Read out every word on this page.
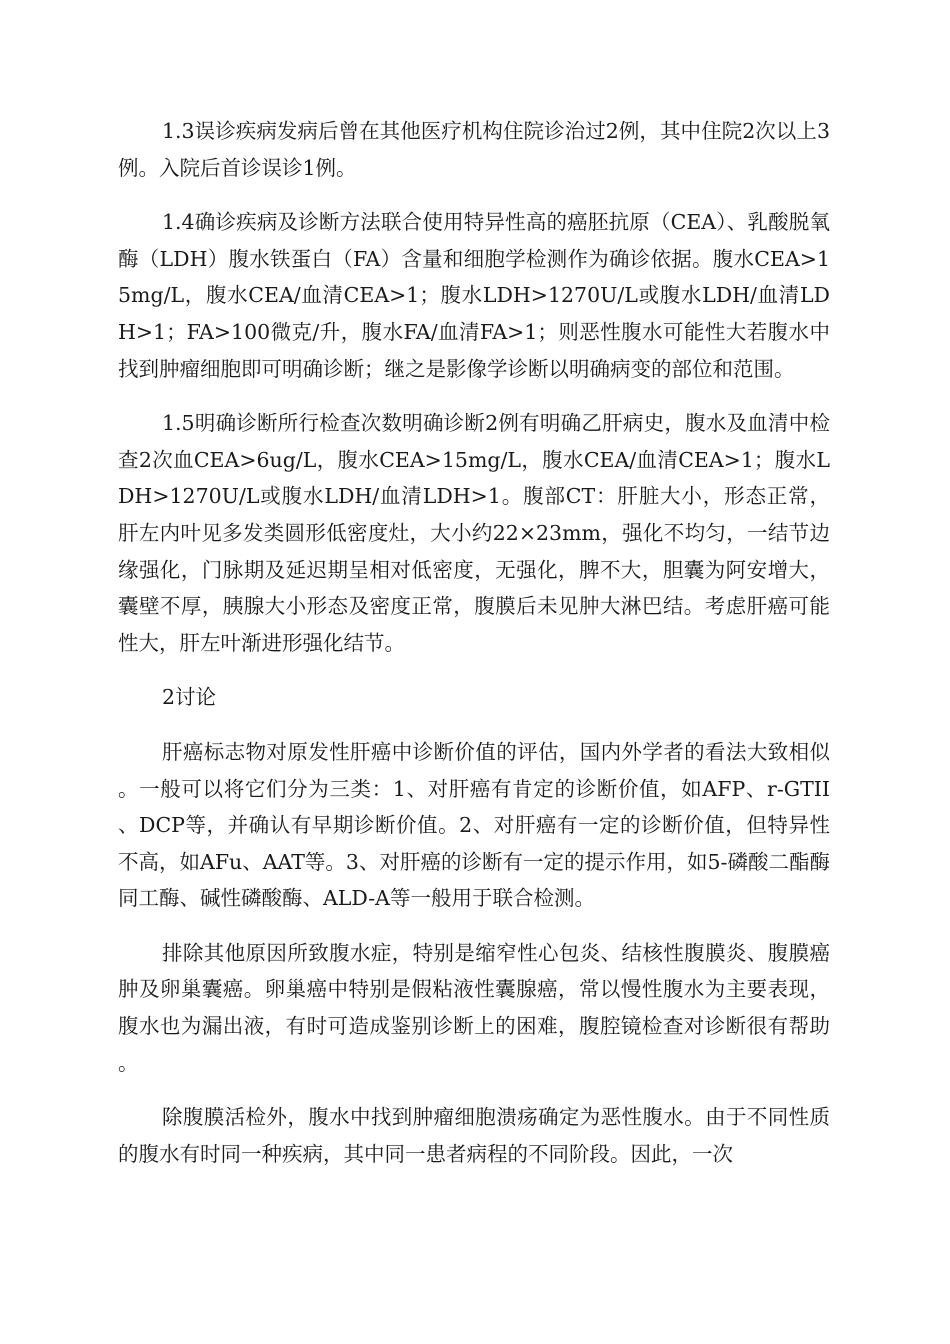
1.3误诊疾病发病后曾在其他医疗机构住院诊治过2例，其中住院2次以上3例。入院后首诊误诊1例。

1.4确诊疾病及诊断方法联合使用特异性高的癌胚抗原（CEA）、乳酸脱氧酶（LDH）腹水铁蛋白（FA）含量和细胞学检测作为确诊依据。腹水CEA>15mg/L，腹水CEA/血清CEA>1；腹水LDH>1270U/L或腹水LDH/血清LDH>1；FA>100微克/升，腹水FA/血清FA>1；则恶性腹水可能性大若腹水中找到肿瘤细胞即可明确诊断；继之是影像学诊断以明确病变的部位和范围。

1.5明确诊断所行检查次数明确诊断2例有明确乙肝病史，腹水及血清中检查2次血CEA>6ug/L，腹水CEA>15mg/L，腹水CEA/血清CEA>1；腹水LDH>1270U/L或腹水LDH/血清LDH>1。腹部CT：肝脏大小，形态正常，肝左内叶见多发类圆形低密度灶，大小约22×23mm，强化不均匀，一结节边缘强化，门脉期及延迟期呈相对低密度，无强化，脾不大，胆囊为阿安增大，囊壁不厚，胰腺大小形态及密度正常，腹膜后未见肿大淋巴结。考虑肝癌可能性大，肝左叶渐进形强化结节。

2讨论

肝癌标志物对原发性肝癌中诊断价值的评估，国内外学者的看法大致相似。一般可以将它们分为三类：1、对肝癌有肯定的诊断价值，如AFP、r-GTII、DCP等，并确认有早期诊断价值。2、对肝癌有一定的诊断价值，但特异性不高，如AFu、AAT等。3、对肝癌的诊断有一定的提示作用，如5-磷酸二酯酶同工酶、碱性磷酸酶、ALD-A等一般用于联合检测。

排除其他原因所致腹水症，特别是缩窄性心包炎、结核性腹膜炎、腹膜癌肿及卵巢囊癌。卵巢癌中特别是假粘液性囊腺癌，常以慢性腹水为主要表现，腹水也为漏出液，有时可造成鉴别诊断上的困难，腹腔镜检查对诊断很有帮助。

除腹膜活检外，腹水中找到肿瘤细胞溃疡确定为恶性腹水。由于不同性质的腹水有时同一种疾病，其中同一患者病程的不同阶段。因此，一次
